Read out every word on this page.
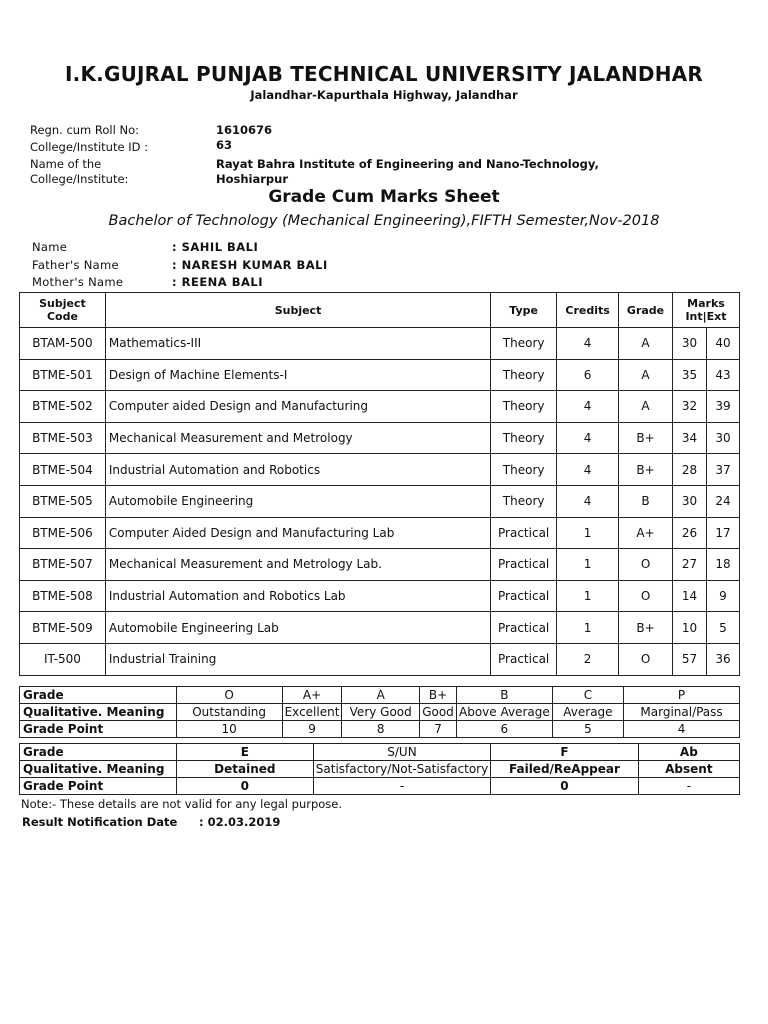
I.K.GUJRAL PUNJAB TECHNICAL UNIVERSITY JALANDHAR
Jalandhar-Kapurthala Highway, Jalandhar
Regn. cum Roll No:	1610676
College/Institute ID :	63
Name of the
College/Institute:
Rayat Bahra Institute of Engineering and Nano-Technology,
Hoshiarpur
Grade Cum Marks Sheet
Bachelor of Technology (Mechanical Engineering),FIFTH Semester,Nov-2018
Name	: SAHIL BALI
Father's Name	: NARESH KUMAR BALI
Mother's Name	: REENA BALI
Subject
Code	Subject	Type	Credits	Grade	Marks
Int|Ext	
BTAM-500	Mathematics-III	Theory	4	A	30	40
BTME-501	Design of Machine Elements-I	Theory	6	A	35	43
BTME-502	Computer aided Design and Manufacturing	Theory	4	A	32	39
BTME-503	Mechanical Measurement and Metrology	Theory	4	B+	34	30
BTME-504	Industrial Automation and Robotics	Theory	4	B+	28	37
BTME-505	Automobile Engineering	Theory	4	B	30	24
BTME-506	Computer Aided Design and Manufacturing Lab	Practical	1	A+	26	17
BTME-507	Mechanical Measurement and Metrology Lab.	Practical	1	O	27	18
BTME-508	Industrial Automation and Robotics Lab	Practical	1	O	14	9
BTME-509	Automobile Engineering Lab	Practical	1	B+	10	5
IT-500	Industrial Training	Practical	2	O	57	36
Grade	O	A+	A	B+	B	C	P
Qualitative. Meaning	Outstanding	Excellent	Very Good	Good	Above Average	Average	Marginal/Pass
Grade Point	10	9	8	7	6	5	4
Grade	E	S/UN	F	Ab
Qualitative. Meaning	Detained	Satisfactory/Not-Satisfactory	Failed/ReAppear	Absent
Grade Point	0	-	0	-
Note:- These details are not valid for any legal purpose.
Result Notification Date : 02.03.2019
